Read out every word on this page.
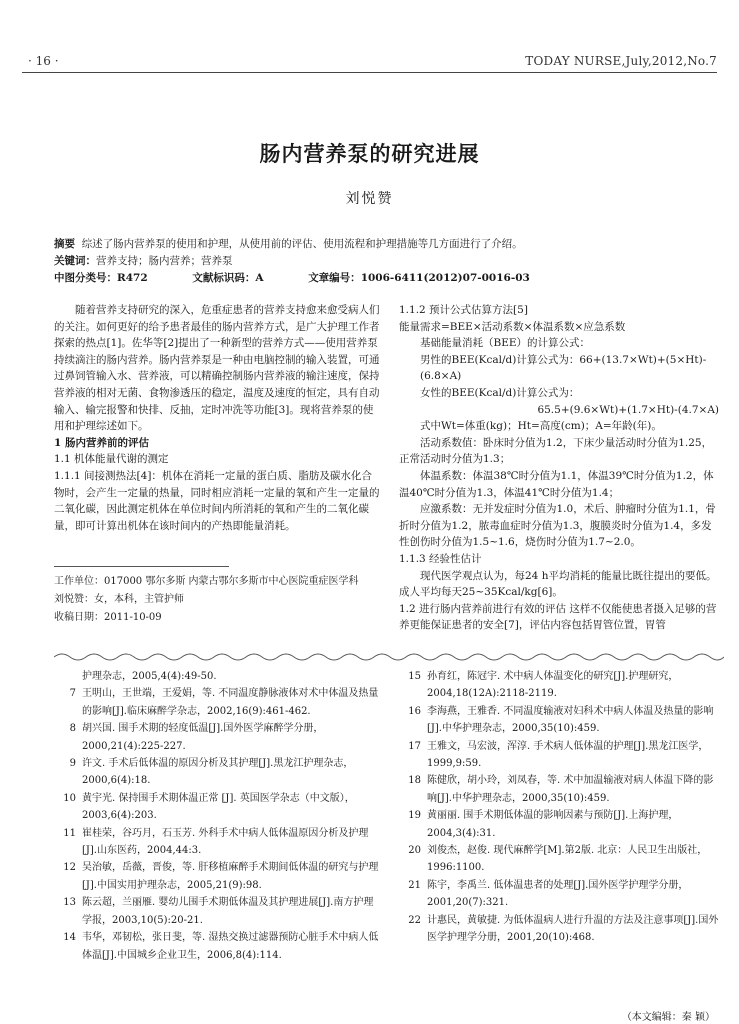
· 16 ·	TODAY NURSE,July,2012,No.7
肠内营养泵的研究进展
刘悦赞
摘要 综述了肠内营养泵的使用和护理，从使用前的评估、使用流程和护理措施等几方面进行了介绍。
关键词：营养支持；肠内营养；营养泵
中图分类号：R472	文献标识码：A	文章编号：1006-6411(2012)07-0016-03

随着营养支持研究的深入，危重症患者的营养支持愈来愈受病人们的关注。如何更好的给予患者最佳的肠内营养方式，是广大护理工作者探索的热点[1]。佐华等[2]提出了一种新型的营养方式——使用营养泵持续滴注的肠内营养。肠内营养泵是一种由电脑控制的输入装置，可通过鼻饲管输入水、营养液，可以精确控制肠内营养液的输注速度，保持营养液的相对无菌、食物渗透压的稳定，温度及速度的恒定，具有自动输入、输完报警和快排、反抽，定时冲洗等功能[3]。现将营养泵的使用和护理综述如下。

1 肠内营养前的评估

1.1 机体能量代谢的测定

1.1.1 间接测热法[4]：机体在消耗一定量的蛋白质、脂肪及碳水化合物时，会产生一定量的热量，同时相应消耗一定量的氧和产生一定量的二氧化碳，因此测定机体在单位时间内所消耗的氧和产生的二氧化碳量，即可计算出机体在该时间内的产热即能量消耗。

工作单位：017000 鄂尔多斯 内蒙古鄂尔多斯市中心医院重症医学科
刘悦赞：女，本科，主管护师
收稿日期：2011-10-09

1.1.2 预计公式估算方法[5]

能量需求=BEE×活动系数×体温系数×应急系数

基础能量消耗（BEE）的计算公式：

男性的BEE(Kcal/d)计算公式为：66+(13.7×Wt)+(5×Ht)-(6.8×A)

女性的BEE(Kcal/d)计算公式为：

65.5+(9.6×Wt)+(1.7×Ht)-(4.7×A)

式中Wt=体重(kg)；Ht=高度(cm)；A=年龄(年)。

活动系数值：卧床时分值为1.2，下床少量活动时分值为1.25，正常活动时分值为1.3；

体温系数：体温38℃时分值为1.1，体温39℃时分值为1.2，体温40℃时分值为1.3，体温41℃时分值为1.4；

应激系数：无并发症时分值为1.0，术后、肿瘤时分值为1.1，骨折时分值为1.2，脓毒血症时分值为1.3，腹膜炎时分值为1.4，多发性创伤时分值为1.5~1.6，烧伤时分值为1.7~2.0。

1.1.3 经验性估计

现代医学观点认为，每24 h平均消耗的能量比既往提出的要低。成人平均每天25~35Kcal/kg[6]。

1.2 进行肠内营养前进行有效的评估 这样不仅能使患者摄入足够的营养更能保证患者的安全[7]，评估内容包括胃管位置，胃管

护理杂志，2005,4(4):49-50.
7 王明山，王世端，王爱娟，等. 不同温度静脉液体对术中体温及热量的影响[J].临床麻醉学杂志，2002,16(9):461-462.
8 胡兴国. 围手术期的轻度低温[J].国外医学麻醉学分册，2000,21(4):225-227.
9 许文. 手术后低体温的原因分析及其护理[J].黑龙江护理杂志，2000,6(4):18.
10 黄宇光. 保持围手术期体温正常 [J]. 英国医学杂志（中文版），2003,6(4):203.
11 崔桂荣，谷巧月，石玉芳. 外科手术中病人低体温原因分析及护理[J].山东医药，2004,44:3.
12 吴治敏，岳薇，晋俊，等. 肝移植麻醉手术期间低体温的研究与护理[J].中国实用护理杂志，2005,21(9):98.
13 陈云超，兰丽雁. 婴幼儿围手术期低体温及其护理进展[J].南方护理学报，2003,10(5):20-21.
14 韦华，邓韧松，张日斐，等. 湿热交换过滤器预防心脏手术中病人低体温[J].中国城乡企业卫生，2006,8(4):114.
15 孙育红，陈冠宇. 术中病人体温变化的研究[J].护理研究，2004,18(12A):2118-2119.
16 李海燕，王雅香. 不同温度输液对妇科术中病人体温及热量的影响[J].中华护理杂志，2000,35(10):459.
17 王雅文，马宏波，浑淳. 手术病人低体温的护理[J].黑龙江医学，1999,9:59.
18 陈健欣，胡小玲，刘凤春，等. 术中加温输液对病人体温下降的影响[J].中华护理杂志，2000,35(10):459.
19 黄丽丽. 围手术期低体温的影响因素与预防[J].上海护理，2004,3(4):31.
20 刘俊杰，赵俊. 现代麻醉学[M].第2版. 北京：人民卫生出版社，1996:1100.
21 陈宇，李禹兰. 低体温患者的处理[J].国外医学护理学分册，2001,20(7):321.
22 计惠民，黄敏捷. 为低体温病人进行升温的方法及注意事项[J].国外医学护理学分册，2001,20(10):468.
（本文编辑：秦 颖）
